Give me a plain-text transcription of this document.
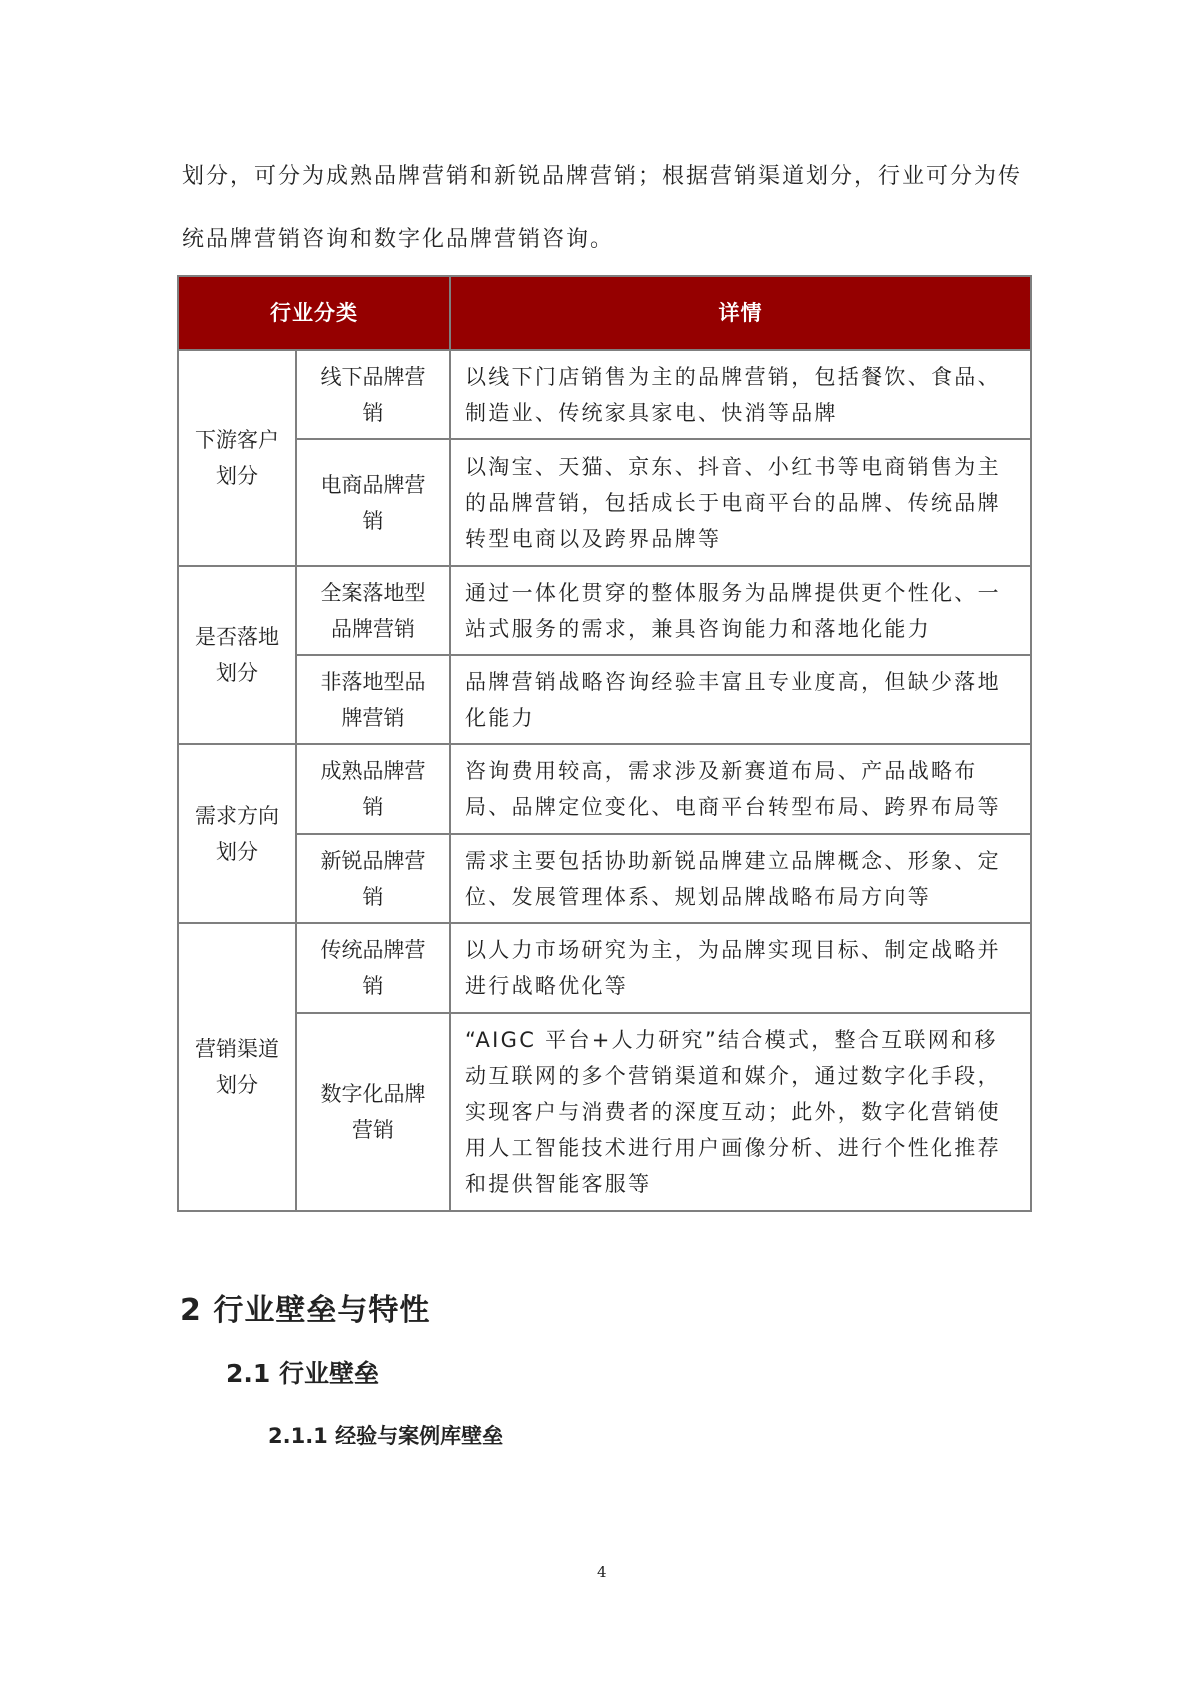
划分，可分为成熟品牌营销和新锐品牌营销；根据营销渠道划分，行业可分为传统品牌营销咨询和数字化品牌营销咨询。

行业分类		详情
下游客户划分	线下品牌营销	以线下门店销售为主的品牌营销，包括餐饮、食品、制造业、传统家具家电、快消等品牌
	电商品牌营销	以淘宝、天猫、京东、抖音、小红书等电商销售为主的品牌营销，包括成长于电商平台的品牌、传统品牌转型电商以及跨界品牌等
是否落地划分	全案落地型品牌营销	通过一体化贯穿的整体服务为品牌提供更个性化、一站式服务的需求，兼具咨询能力和落地化能力
	非落地型品牌营销	品牌营销战略咨询经验丰富且专业度高，但缺少落地化能力
需求方向划分	成熟品牌营销	咨询费用较高，需求涉及新赛道布局、产品战略布局、品牌定位变化、电商平台转型布局、跨界布局等
	新锐品牌营销	需求主要包括协助新锐品牌建立品牌概念、形象、定位、发展管理体系、规划品牌战略布局方向等
营销渠道划分	传统品牌营销	以人力市场研究为主，为品牌实现目标、制定战略并进行战略优化等
	数字化品牌营销	“AIGC 平台+人力研究”结合模式，整合互联网和移动互联网的多个营销渠道和媒介，通过数字化手段，实现客户与消费者的深度互动；此外，数字化营销使用人工智能技术进行用户画像分析、进行个性化推荐和提供智能客服等
2 行业壁垒与特性
2.1 行业壁垒
2.1.1 经验与案例库壁垒
4
